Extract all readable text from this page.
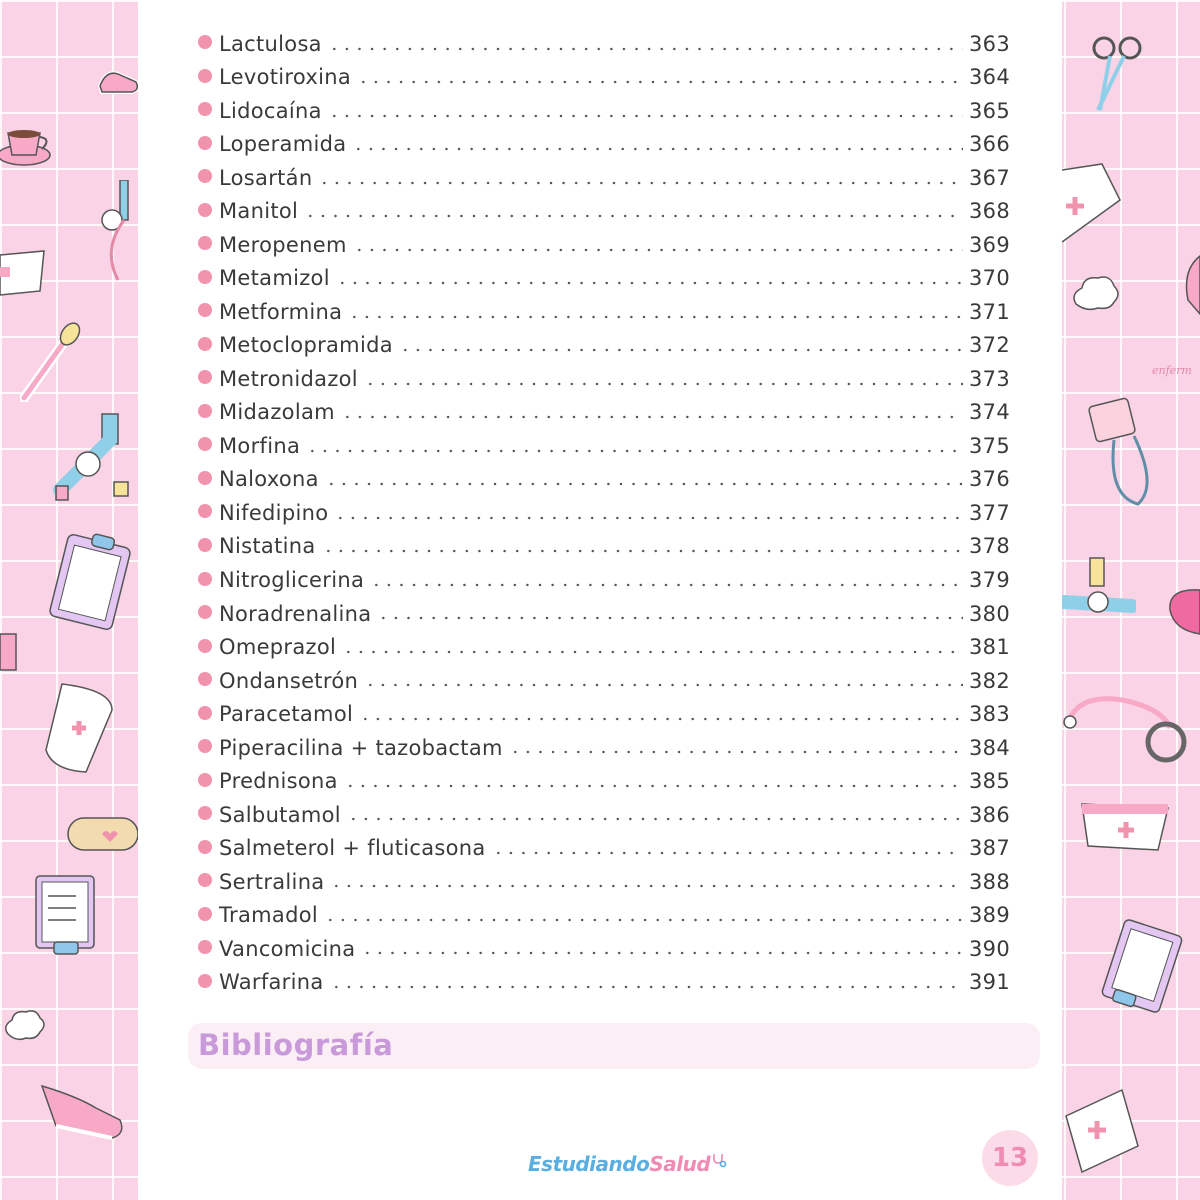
enferm
Lactulosa	363
Levotiroxina	364
Lidocaína	365
Loperamida	366
Losartán	367
Manitol	368
Meropenem	369
Metamizol	370
Metformina	371
Metoclopramida	372
Metronidazol	373
Midazolam	374
Morfina	375
Naloxona	376
Nifedipino	377
Nistatina	378
Nitroglicerina	379
Noradrenalina	380
Omeprazol	381
Ondansetrón	382
Paracetamol	383
Piperacilina + tazobactam	384
Prednisona	385
Salbutamol	386
Salmeterol + fluticasona	387
Sertralina	388
Tramadol	389
Vancomicina	390
Warfarina	391
Bibliografía
EstudiandoSalud	13
